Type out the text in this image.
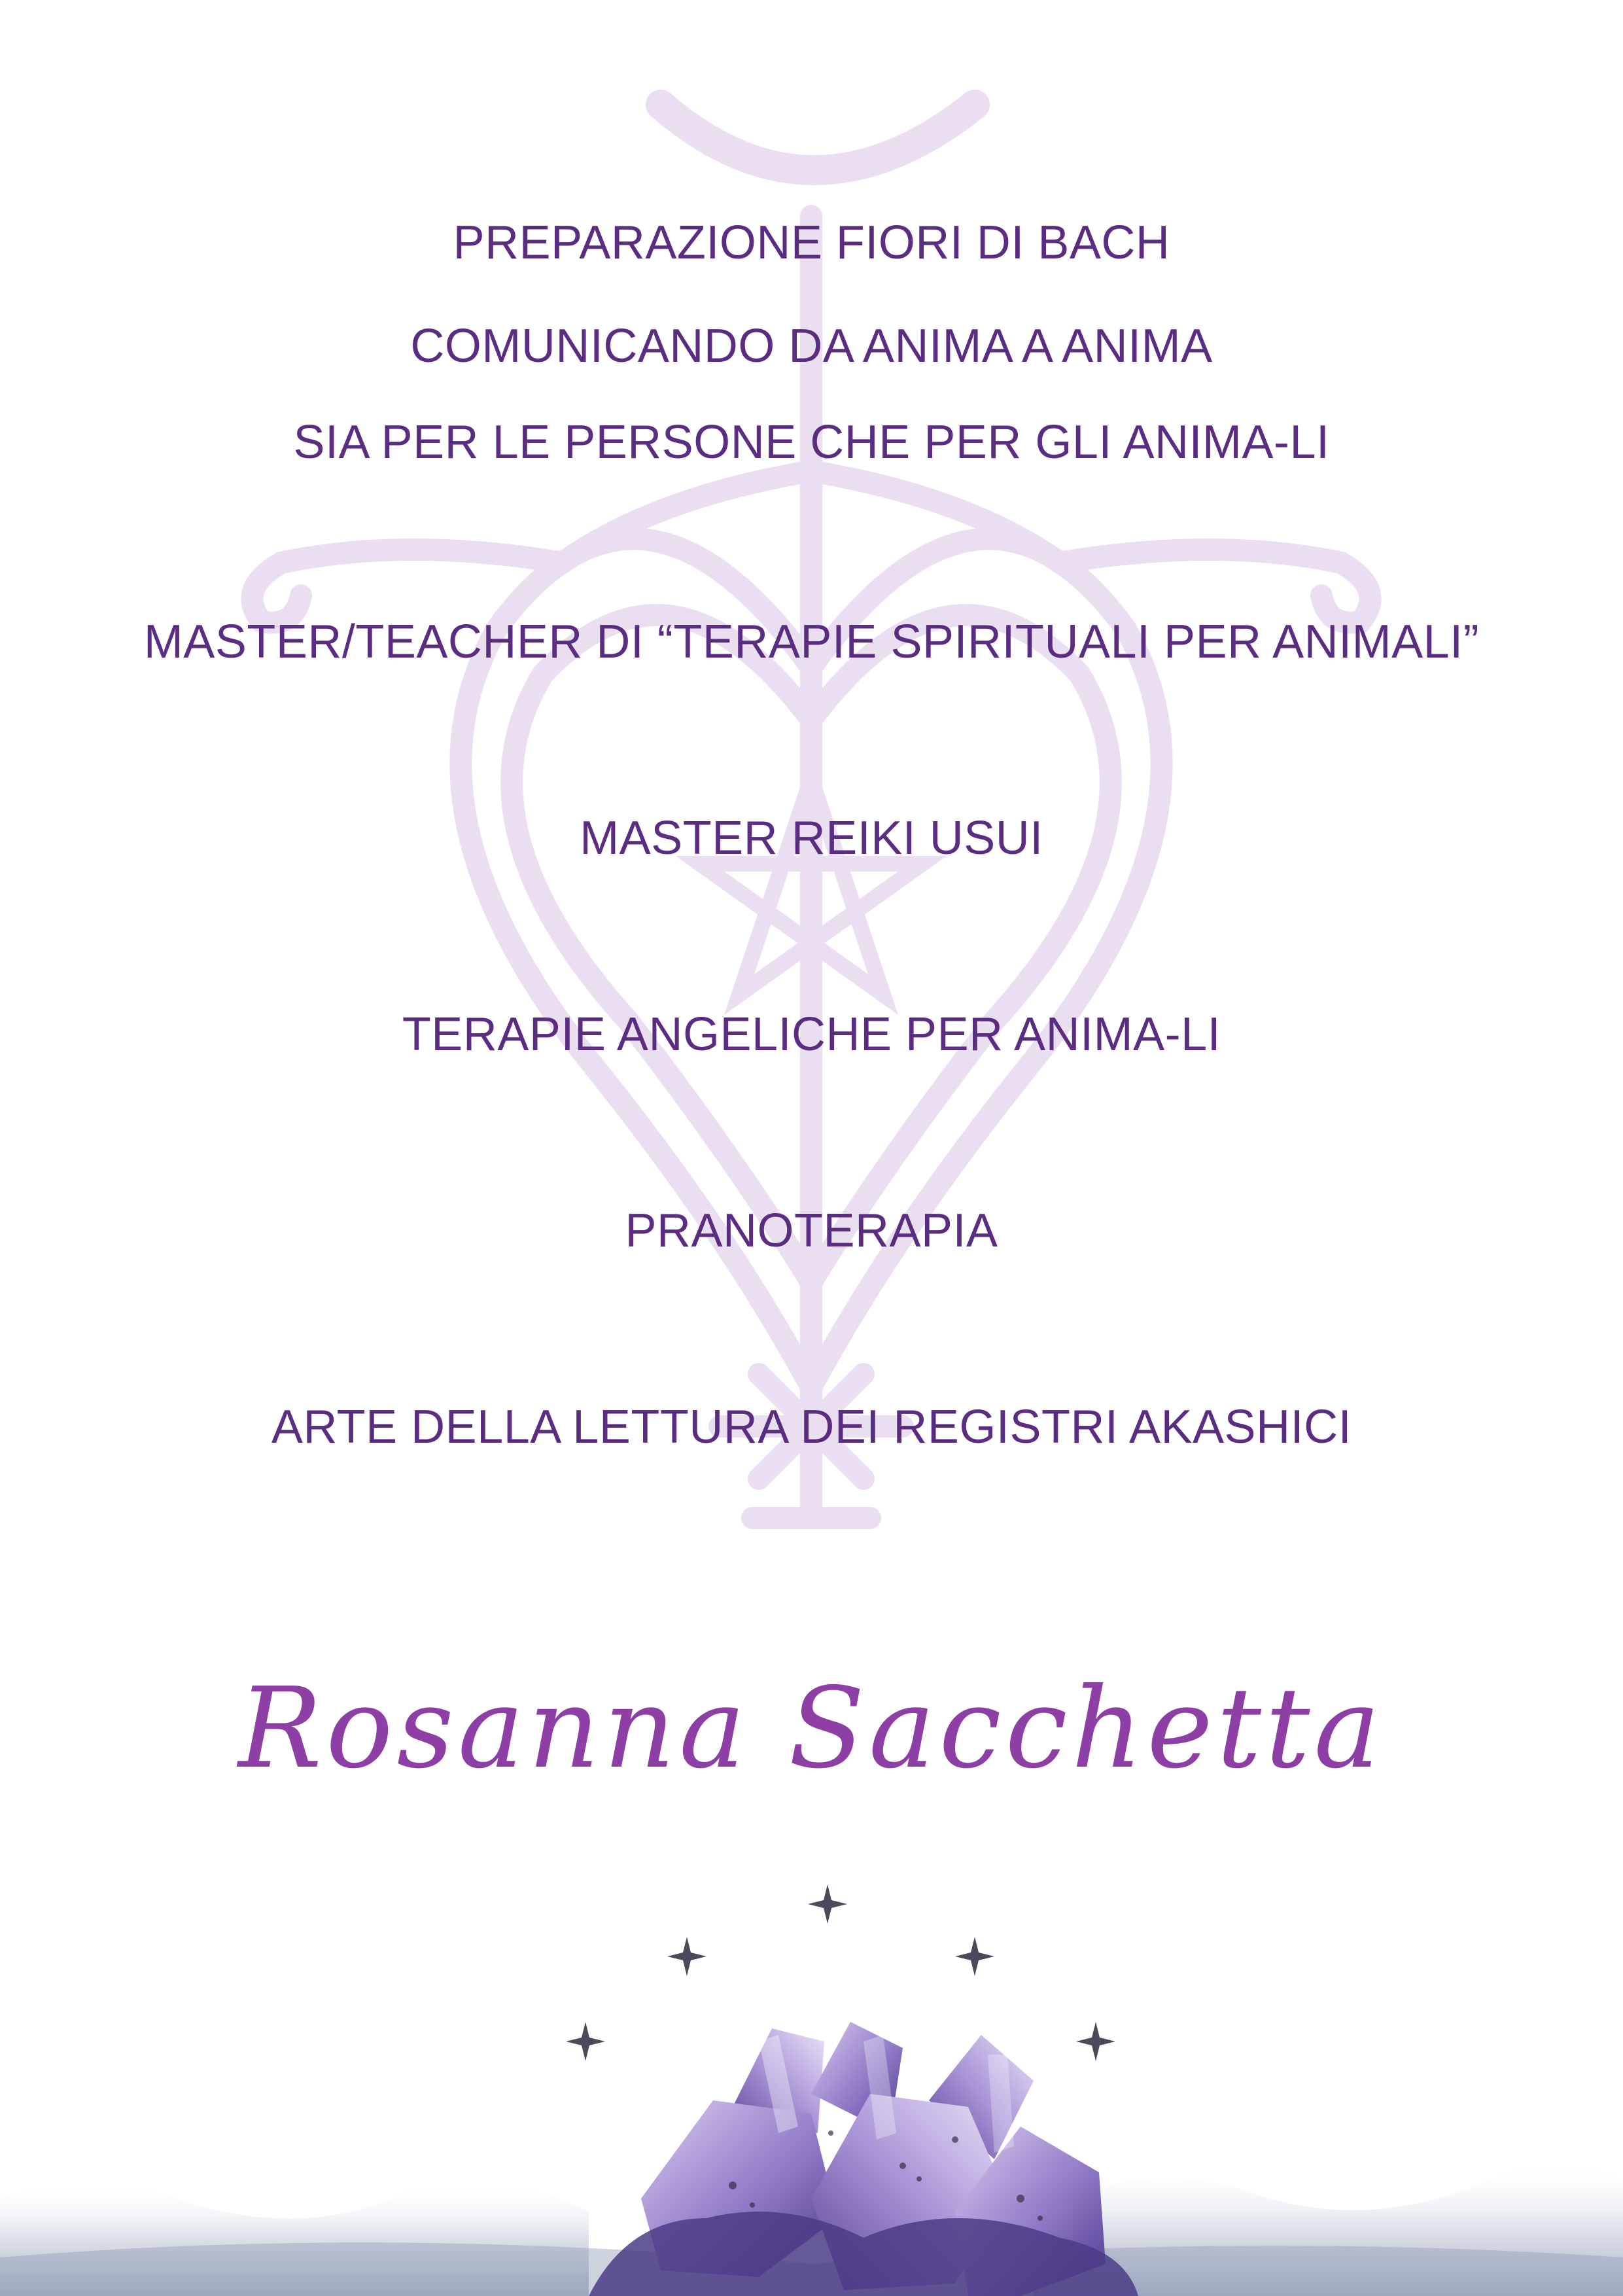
PREPARAZIONE FIORI DI BACH
COMUNICANDO DA ANIMA A ANIMA
SIA PER LE PERSONE CHE PER GLI ANIMA-LI
MASTER/TEACHER DI “TERAPIE SPIRITUALI PER ANIMALI”
MASTER REIKI USUI
TERAPIE ANGELICHE PER ANIMA-LI
PRANOTERAPIA
ARTE DELLA LETTURA DEI REGISTRI AKASHICI
Rosanna Sacchetta
